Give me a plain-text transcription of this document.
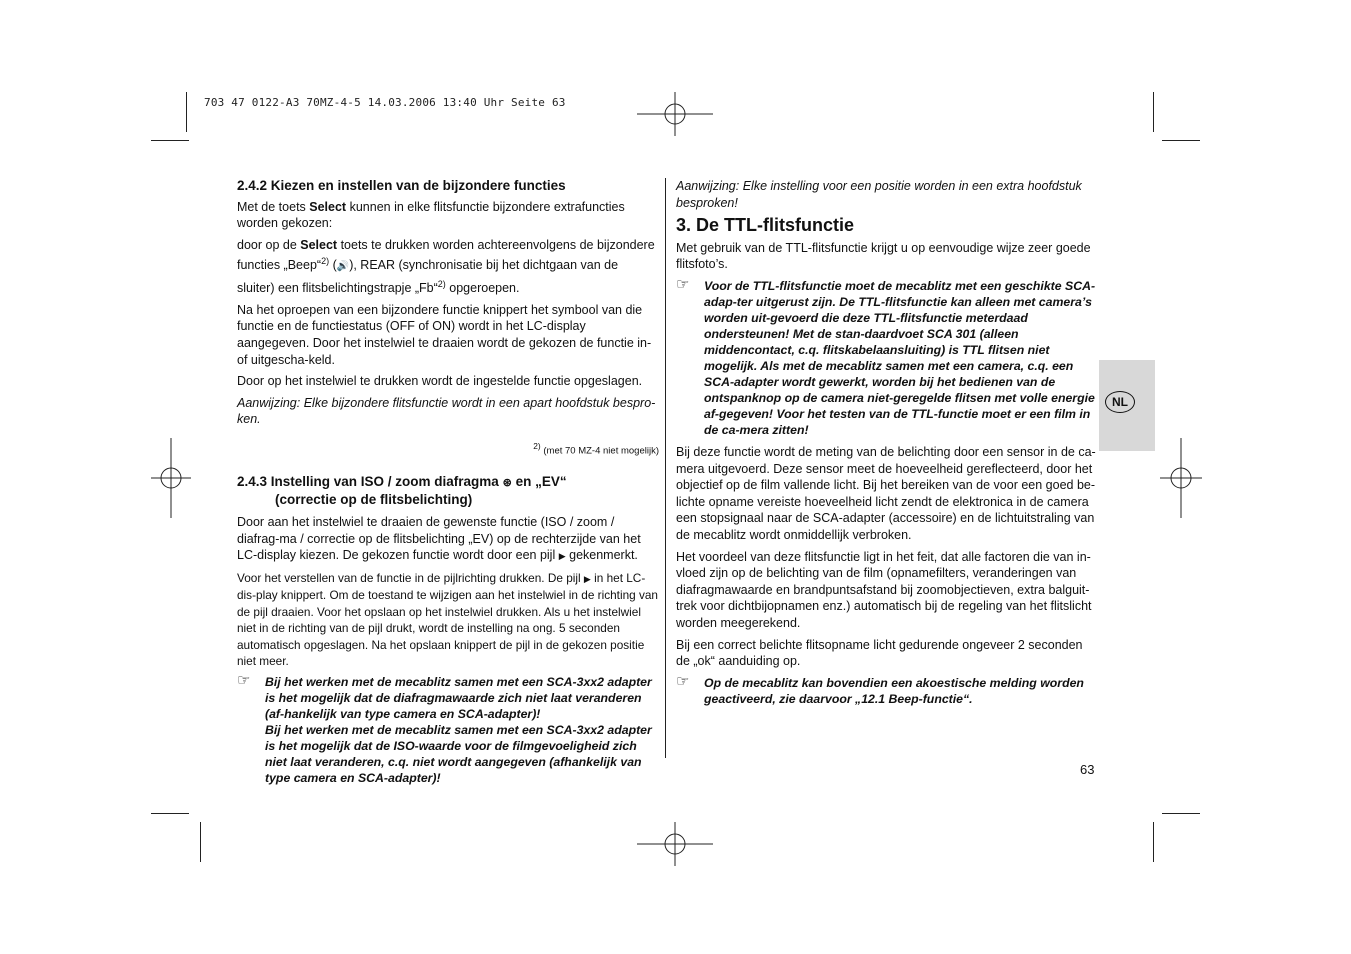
703 47 0122-A3 70MZ-4-5 14.03.2006 13:40 Uhr Seite 63
2.4.2 Kiezen en instellen van de bijzondere functies

Met de toets Select kunnen in elke flitsfunctie bijzondere extrafuncties worden gekozen:

door op de Select toets te drukken worden achtereenvolgens de bijzondere functies „Beep“$^{2)}$ (🔊), REAR (synchronisatie bij het dichtgaan van de sluiter) een flitsbelichtingstrapje „Fb“$^{2)}$ opgeroepen.

Na het oproepen van een bijzondere functie knippert het symbool van die functie en de functiestatus (OFF of ON) wordt in het LC-display aangegeven. Door het instelwiel te draaien wordt de gekozen de functie in- of uitgescha-keld.

Door op het instelwiel te drukken wordt de ingestelde functie opgeslagen.

Aanwijzing: Elke bijzondere flitsfunctie wordt in een apart hoofdstuk bespro-ken.

$^{2)}$ (met 70 MZ-4 niet mogelijk)
2.4.3 Instelling van ISO / zoom diafragma ⊛ en „EV“
(correctie op de flitsbelichting)

Door aan het instelwiel te draaien de gewenste functie (ISO / zoom / diafrag-ma / correctie op de flitsbelichting „EV) op de rechterzijde van het LC-display kiezen. De gekozen functie wordt door een pijl ▶ gekenmerkt.

Voor het verstellen van de functie in de pijlrichting drukken. De pijl ▶ in het LC-dis-play knippert. Om de toestand te wijzigen aan het instelwiel in de richting van de pijl draaien. Voor het opslaan op het instelwiel drukken. Als u het instelwiel niet in de richting van de pijl drukt, wordt de instelling na ong. 5 seconden automatisch opgeslagen. Na het opslaan knippert de pijl in de gekozen positie niet meer.

☞ Bij het werken met de mecablitz samen met een SCA-3xx2 adapter is het mogelijk dat de diafragmawaarde zich niet laat veranderen (af-hankelijk van type camera en SCA-adapter)!
Bij het werken met de mecablitz samen met een SCA-3xx2 adapter is het mogelijk dat de ISO-waarde voor de filmgevoeligheid zich niet laat veranderen, c.q. niet wordt aangegeven (afhankelijk van type camera en SCA-adapter)!

Aanwijzing: Elke instelling voor een positie worden in een extra hoofdstuk besproken!

3. De TTL-flitsfunctie

Met gebruik van de TTL-flitsfunctie krijgt u op eenvoudige wijze zeer goede flitsfoto’s.

☞ Voor de TTL-flitsfunctie moet de mecablitz met een geschikte SCA-adap-ter uitgerust zijn. De TTL-flitsfunctie kan alleen met camera’s worden uit-gevoerd die deze TTL-flitsfunctie meterdaad ondersteunen! Met de stan-daardvoet SCA 301 (alleen middencontact, c.q. flitskabelaansluiting) is TTL flitsen niet mogelijk. Als met de mecablitz samen met een camera, c.q. een SCA-adapter wordt gewerkt, worden bij het bedienen van de ontspanknop op de camera niet-geregelde flitsen met volle energie af-gegeven! Voor het testen van de TTL-functie moet er een film in de ca-mera zitten!

Bij deze functie wordt de meting van de belichting door een sensor in de ca-mera uitgevoerd. Deze sensor meet de hoeveelheid gereflecteerd, door het objectief op de film vallende licht. Bij het bereiken van de voor een goed be-lichte opname vereiste hoeveelheid licht zendt de elektronica in de camera een stopsignaal naar de SCA-adapter (accessoire) en de lichtuitstraling van de mecablitz wordt onmiddellijk verbroken.

Het voordeel van deze flitsfunctie ligt in het feit, dat alle factoren die van in-vloed zijn op de belichting van de film (opnamefilters, veranderingen van diafragmawaarde en brandpuntsafstand bij zoomobjectieven, extra balguit-trek voor dichtbijopnamen enz.) automatisch bij de regeling van het flitslicht worden meegerekend.

Bij een correct belichte flitsopname licht gedurende ongeveer 2 seconden de „ok“ aanduiding op.

☞ Op de mecablitz kan bovendien een akoestische melding worden geactiveerd, zie daarvoor „12.1 Beep-functie“.
NL
63
